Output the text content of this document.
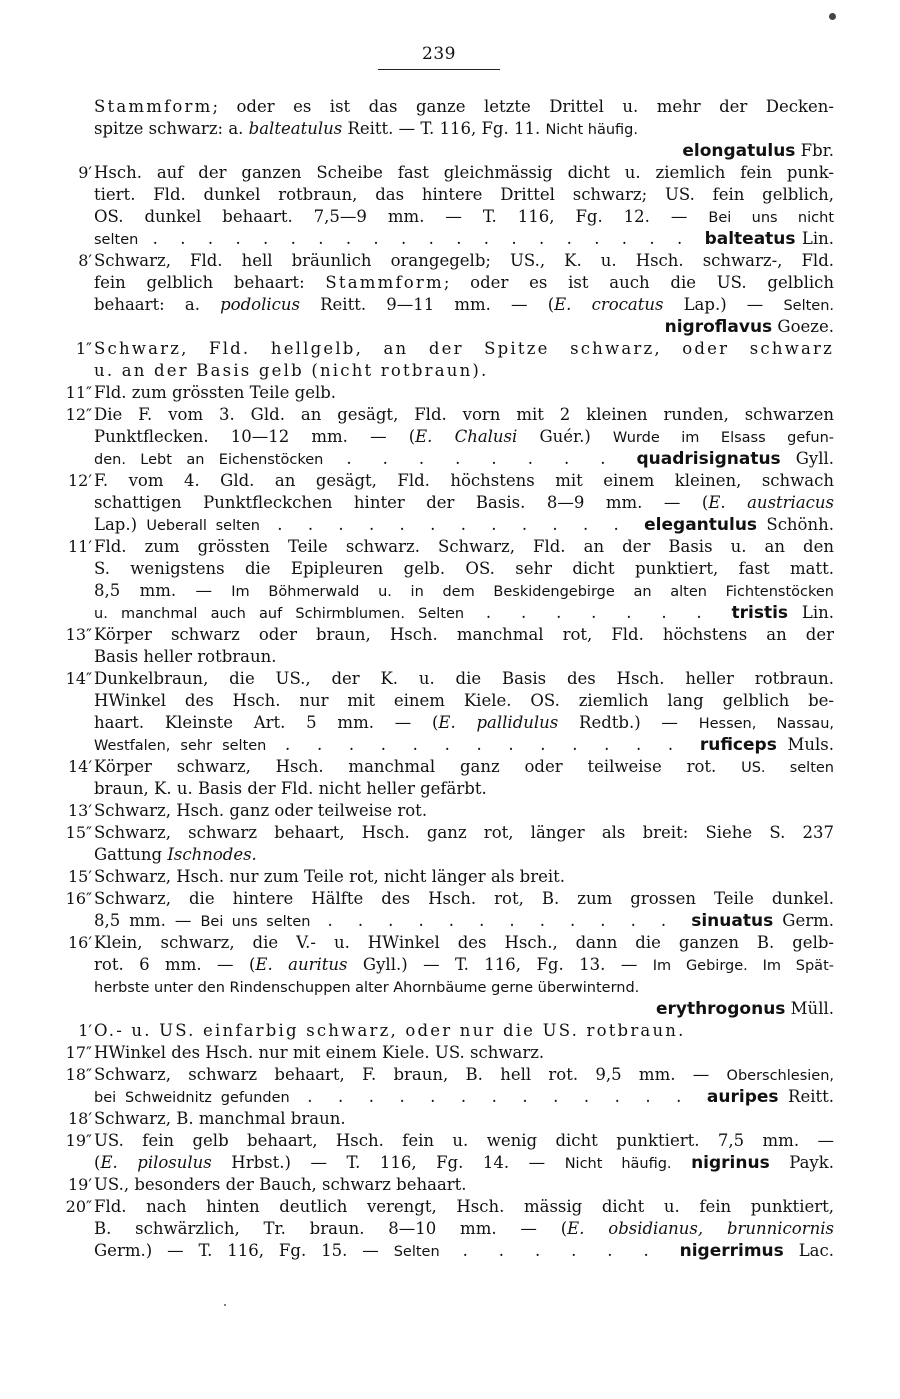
239
Stammform; oder es ist das ganze letzte Drittel u. mehr der Decken-
spitze schwarz: a. balteatulus Reitt. — T. 116, Fg. 11. Nicht häufig.
elongatulus Fbr.
9′ Hsch. auf der ganzen Scheibe fast gleichmässig dicht u. ziemlich fein punk-
tiert. Fld. dunkel rotbraun, das hintere Drittel schwarz; US. fein gelblich,
OS. dunkel behaart. 7,5—9 mm. — T. 116, Fg. 12. — Bei uns nicht
selten . . . . . . . . . . . . . . . . . . . . balteatus Lin.
8′ Schwarz, Fld. hell bräunlich orangegelb; US., K. u. Hsch. schwarz-, Fld.
fein gelblich behaart: Stammform; oder es ist auch die US. gelblich
behaart: a. podolicus Reitt. 9—11 mm. — (E. crocatus Lap.) — Selten.
nigroflavus Goeze.
1″ Schwarz, Fld. hellgelb, an der Spitze schwarz, oder schwarz
u. an der Basis gelb (nicht rotbraun).
11″ Fld. zum grössten Teile gelb.
12″ Die F. vom 3. Gld. an gesägt, Fld. vorn mit 2 kleinen runden, schwarzen
Punktflecken. 10—12 mm. — (E. Chalusi Guér.) Wurde im Elsass gefun-
den. Lebt an Eichenstöcken . . . . . . . . quadrisignatus Gyll.
12′ F. vom 4. Gld. an gesägt, Fld. höchstens mit einem kleinen, schwach
schattigen Punktfleckchen hinter der Basis. 8—9 mm. — (E. austriacus
Lap.) Ueberall selten . . . . . . . . . . . . elegantulus Schönh.
11′ Fld. zum grössten Teile schwarz. Schwarz, Fld. an der Basis u. an den
S. wenigstens die Epipleuren gelb. OS. sehr dicht punktiert, fast matt.
8,5 mm. — Im Böhmerwald u. in dem Beskidengebirge an alten Fichtenstöcken
u. manchmal auch auf Schirmblumen. Selten . . . . . . . tristis Lin.
13″ Körper schwarz oder braun, Hsch. manchmal rot, Fld. höchstens an der
Basis heller rotbraun.
14″ Dunkelbraun, die US., der K. u. die Basis des Hsch. heller rotbraun.
HWinkel des Hsch. nur mit einem Kiele. OS. ziemlich lang gelblich be-
haart. Kleinste Art. 5 mm. — (E. pallidulus Redtb.) — Hessen, Nassau,
Westfalen, sehr selten . . . . . . . . . . . . . ruficeps Muls.
14′ Körper schwarz, Hsch. manchmal ganz oder teilweise rot. US. selten
braun, K. u. Basis der Fld. nicht heller gefärbt.
13′ Schwarz, Hsch. ganz oder teilweise rot.
15″ Schwarz, schwarz behaart, Hsch. ganz rot, länger als breit: Siehe S. 237
Gattung Ischnodes.
15′ Schwarz, Hsch. nur zum Teile rot, nicht länger als breit.
16″ Schwarz, die hintere Hälfte des Hsch. rot, B. zum grossen Teile dunkel.
8,5 mm. — Bei uns selten . . . . . . . . . . . . sinuatus Germ.
16′ Klein, schwarz, die V.- u. HWinkel des Hsch., dann die ganzen B. gelb-
rot. 6 mm. — (E. auritus Gyll.) — T. 116, Fg. 13. — Im Gebirge. Im Spät-
herbste unter den Rindenschuppen alter Ahornbäume gerne überwinternd.
erythrogonus Müll.
1′ O.- u. US. einfarbig schwarz, oder nur die US. rotbraun.
17″ HWinkel des Hsch. nur mit einem Kiele. US. schwarz.
18″ Schwarz, schwarz behaart, F. braun, B. hell rot. 9,5 mm. — Oberschlesien,
bei Schweidnitz gefunden . . . . . . . . . . . . . auripes Reitt.
18′ Schwarz, B. manchmal braun.
19″ US. fein gelb behaart, Hsch. fein u. wenig dicht punktiert. 7,5 mm. —
(E. pilosulus Hrbst.) — T. 116, Fg. 14. — Nicht häufig. nigrinus Payk.
19′ US., besonders der Bauch, schwarz behaart.
20″ Fld. nach hinten deutlich verengt, Hsch. mässig dicht u. fein punktiert,
B. schwärzlich, Tr. braun. 8—10 mm. — (E. obsidianus, brunnicornis
Germ.) — T. 116, Fg. 15. — Selten . . . . . . nigerrimus Lac.
